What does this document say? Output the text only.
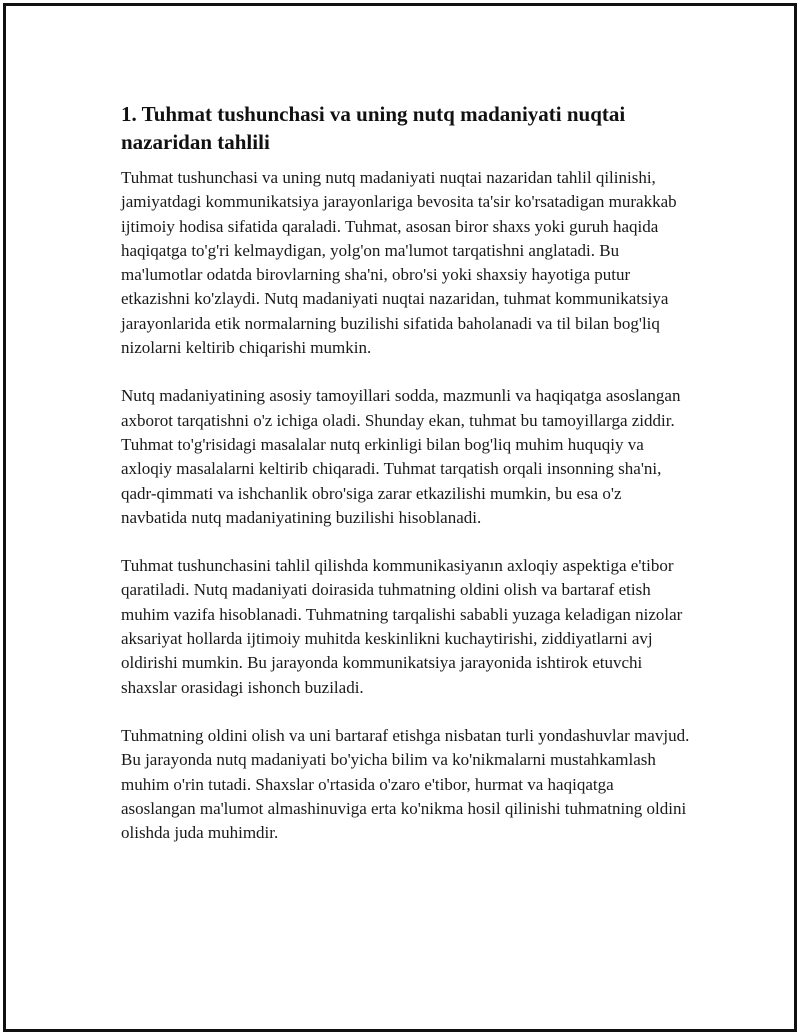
1. Tuhmat tushunchasi va uning nutq madaniyati nuqtai nazaridan tahlili

Tuhmat tushunchasi va uning nutq madaniyati nuqtai nazaridan tahlil qilinishi, jamiyatdagi kommunikatsiya jarayonlariga bevosita ta'sir ko'rsatadigan murakkab ijtimoiy hodisa sifatida qaraladi. Tuhmat, asosan biror shaxs yoki guruh haqida haqiqatga to'g'ri kelmaydigan, yolg'on ma'lumot tarqatishni anglatadi. Bu ma'lumotlar odatda birovlarning sha'ni, obro'si yoki shaxsiy hayotiga putur etkazishni ko'zlaydi. Nutq madaniyati nuqtai nazaridan, tuhmat kommunikatsiya jarayonlarida etik normalarning buzilishi sifatida baholanadi va til bilan bog'liq nizolarni keltirib chiqarishi mumkin.

Nutq madaniyatining asosiy tamoyillari sodda, mazmunli va haqiqatga asoslangan axborot tarqatishni o'z ichiga oladi. Shunday ekan, tuhmat bu tamoyillarga ziddir. Tuhmat to'g'risidagi masalalar nutq erkinligi bilan bog'liq muhim huquqiy va axloqiy masalalarni keltirib chiqaradi. Tuhmat tarqatish orqali insonning sha'ni, qadr-qimmati va ishchanlik obro'siga zarar etkazilishi mumkin, bu esa o'z navbatida nutq madaniyatining buzilishi hisoblanadi.

Tuhmat tushunchasini tahlil qilishda kommunikasiyanın axloqiy aspektiga e'tibor qaratiladi. Nutq madaniyati doirasida tuhmatning oldini olish va bartaraf etish muhim vazifa hisoblanadi. Tuhmatning tarqalishi sababli yuzaga keladigan nizolar aksariyat hollarda ijtimoiy muhitda keskinlikni kuchaytirishi, ziddiyatlarni avj oldirishi mumkin. Bu jarayonda kommunikatsiya jarayonida ishtirok etuvchi shaxslar orasidagi ishonch buziladi.

Tuhmatning oldini olish va uni bartaraf etishga nisbatan turli yondashuvlar mavjud. Bu jarayonda nutq madaniyati bo'yicha bilim va ko'nikmalarni mustahkamlash muhim o'rin tutadi. Shaxslar o'rtasida o'zaro e'tibor, hurmat va haqiqatga asoslangan ma'lumot almashinuviga erta ko'nikma hosil qilinishi tuhmatning oldini olishda juda muhimdir.
